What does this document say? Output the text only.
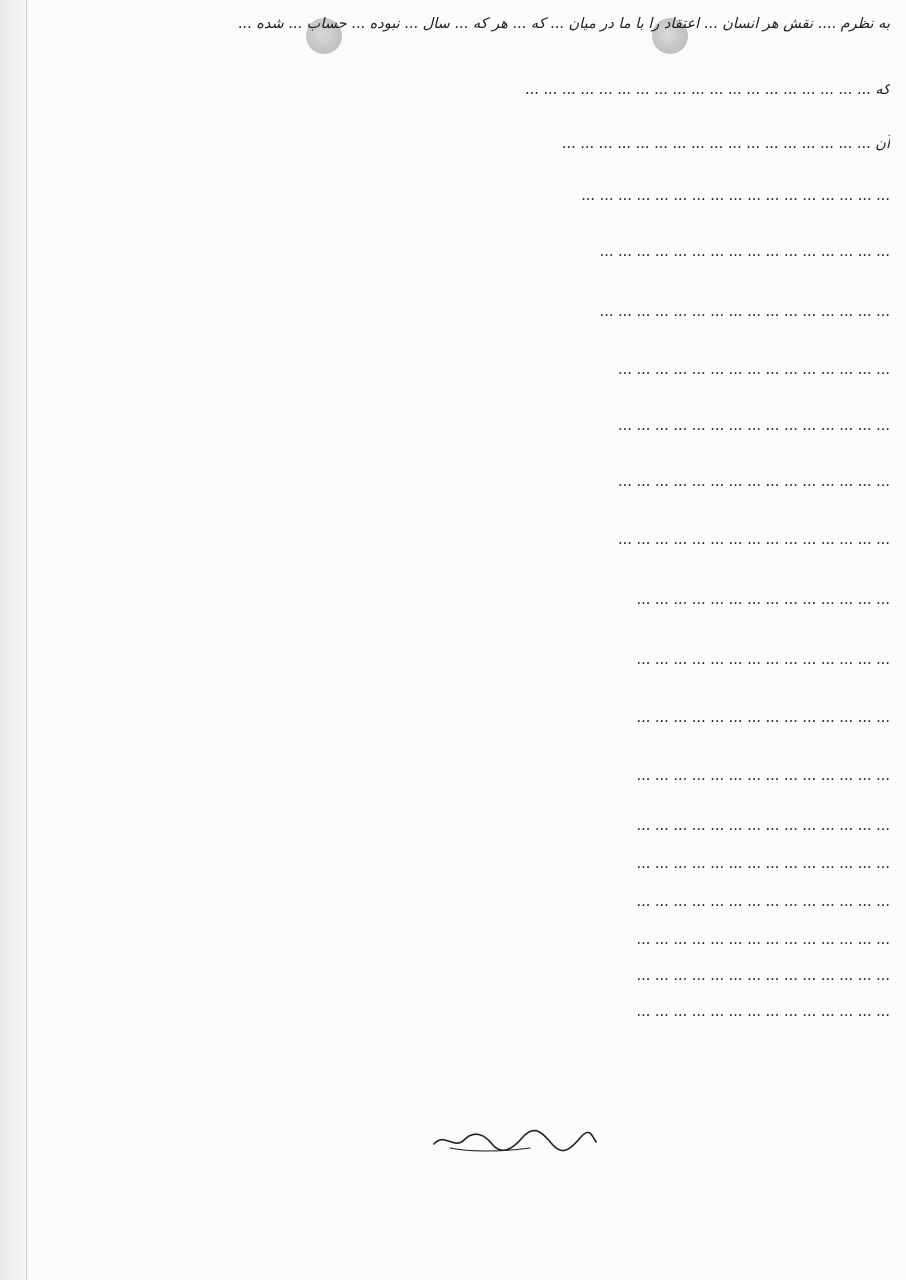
به نظرم .... نقش هر انسان ... اعتقاد را با ما در میان ... که ... هر که ... سال ... نبوده ... حساب ... شده ...
که ... ... ... ... ... ... ... ... ... ... ... ... ... ... ... ... ... ... ...
آن ... ... ... ... ... ... ... ... ... ... ... ... ... ... ... ... ...
... ... ... ... ... ... ... ... ... ... ... ... ... ... ... ... ...
... ... ... ... ... ... ... ... ... ... ... ... ... ... ... ...
... ... ... ... ... ... ... ... ... ... ... ... ... ... ... ...
... ... ... ... ... ... ... ... ... ... ... ... ... ... ...
... ... ... ... ... ... ... ... ... ... ... ... ... ... ...
... ... ... ... ... ... ... ... ... ... ... ... ... ... ...
... ... ... ... ... ... ... ... ... ... ... ... ... ... ...
... ... ... ... ... ... ... ... ... ... ... ... ... ...
... ... ... ... ... ... ... ... ... ... ... ... ... ...
... ... ... ... ... ... ... ... ... ... ... ... ... ...
... ... ... ... ... ... ... ... ... ... ... ... ... ...
... ... ... ... ... ... ... ... ... ... ... ... ... ...
... ... ... ... ... ... ... ... ... ... ... ... ... ...
... ... ... ... ... ... ... ... ... ... ... ... ... ...
... ... ... ... ... ... ... ... ... ... ... ... ... ...
... ... ... ... ... ... ... ... ... ... ... ... ... ...
... ... ... ... ... ... ... ... ... ... ... ... ... ...
